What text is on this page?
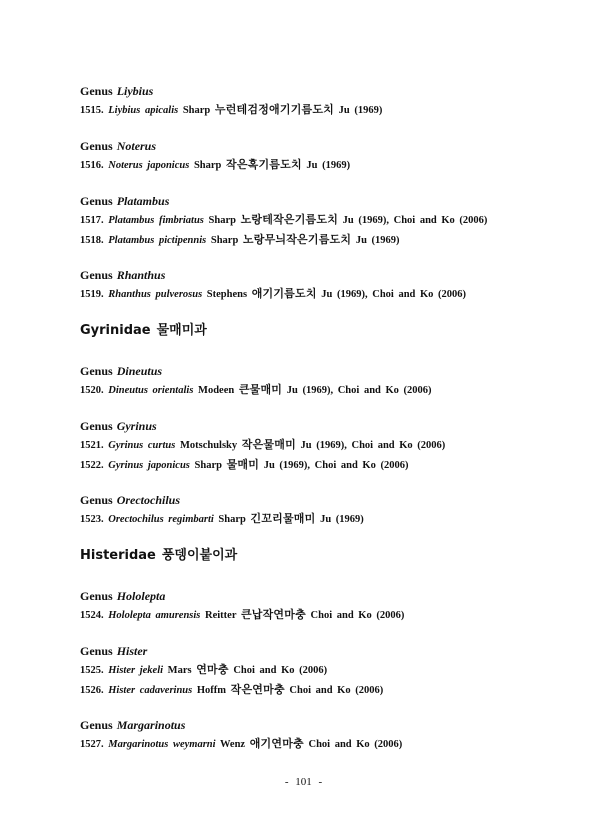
Genus Liybius
1515. Liybius apicalis Sharp 누런테검정애기기름도치 Ju (1969)
Genus Noterus
1516. Noterus japonicus Sharp 작은혹기름도치 Ju (1969)
Genus Platambus
1517. Platambus fimbriatus Sharp 노랑테작은기름도치 Ju (1969), Choi and Ko (2006)
1518. Platambus pictipennis Sharp 노랑무늬작은기름도치 Ju (1969)
Genus Rhanthus
1519. Rhanthus pulverosus Stephens 애기기름도치 Ju (1969), Choi and Ko (2006)
Gyrinidae 물매미과
Genus Dineutus
1520. Dineutus orientalis Modeen 큰물매미 Ju (1969), Choi and Ko (2006)
Genus Gyrinus
1521. Gyrinus curtus Motschulsky 작은물매미 Ju (1969), Choi and Ko (2006)
1522. Gyrinus japonicus Sharp 물매미 Ju (1969), Choi and Ko (2006)
Genus Orectochilus
1523. Orectochilus regimbarti Sharp 긴꼬리물매미 Ju (1969)
Histeridae 풍뎅이붙이과
Genus Hololepta
1524. Hololepta amurensis Reitter 큰납작연마충 Choi and Ko (2006)
Genus Hister
1525. Hister jekeli Mars 연마충 Choi and Ko (2006)
1526. Hister cadaverinus Hoffm 작은연마충 Choi and Ko (2006)
Genus Margarinotus
1527. Margarinotus weymarni Wenz 애기연마충 Choi and Ko (2006)
- 101 -
